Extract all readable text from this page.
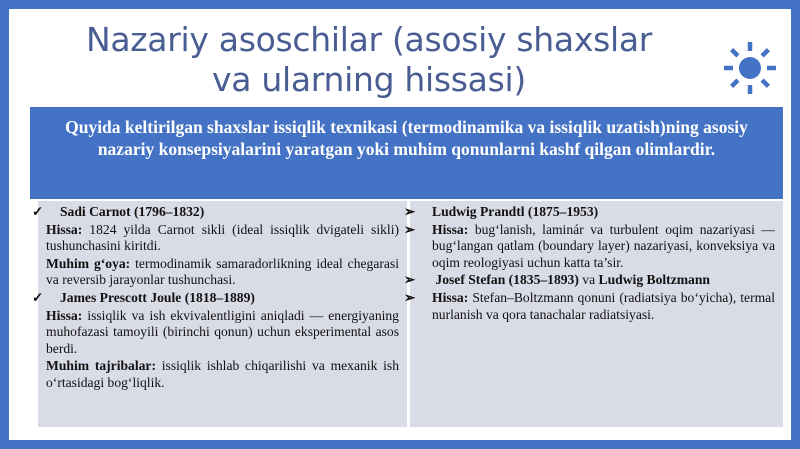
Nazariy asoschilar (asosiy shaxslar
va ularning hissasi)
Quyida keltirilgan shaxslar issiqlik texnikasi (termodinamika va issiqlik uzatish)ning asosiy nazariy konsepsiyalarini yaratgan yoki muhim qonunlarni kashf qilgan olimlardir.

✓ Sadi Carnot (1796–1832)

Hissa: 1824 yilda Carnot sikli (ideal issiqlik dvigateli sikli) tushunchasini kiritdi.

Muhim g‘oya: termodinamik samaradorlikning ideal chegarasi va reversib jarayonlar tushunchasi.

✓ James Prescott Joule (1818–1889)

Hissa: issiqlik va ish ekvivalentligini aniqladi — energiyaning muhofazasi tamoyili (birinchi qonun) uchun eksperimental asos berdi.

Muhim tajribalar: issiqlik ishlab chiqarilishi va mexanik ish o‘rtasidagi bog‘liqlik.

➢ Ludwig Prandtl (1875–1953)

➢ Hissa: bug‘lanish, laminár va turbulent oqim nazariyasi — bug‘langan qatlam (boundary layer) nazariyasi, konveksiya va oqim reologiyasi uchun katta ta’sir.

➢ Josef Stefan (1835–1893) va Ludwig Boltzmann

➢ Hissa: Stefan–Boltzmann qonuni (radiatsiya bo‘yicha), termal nurlanish va qora tanachalar radiatsiyasi.
